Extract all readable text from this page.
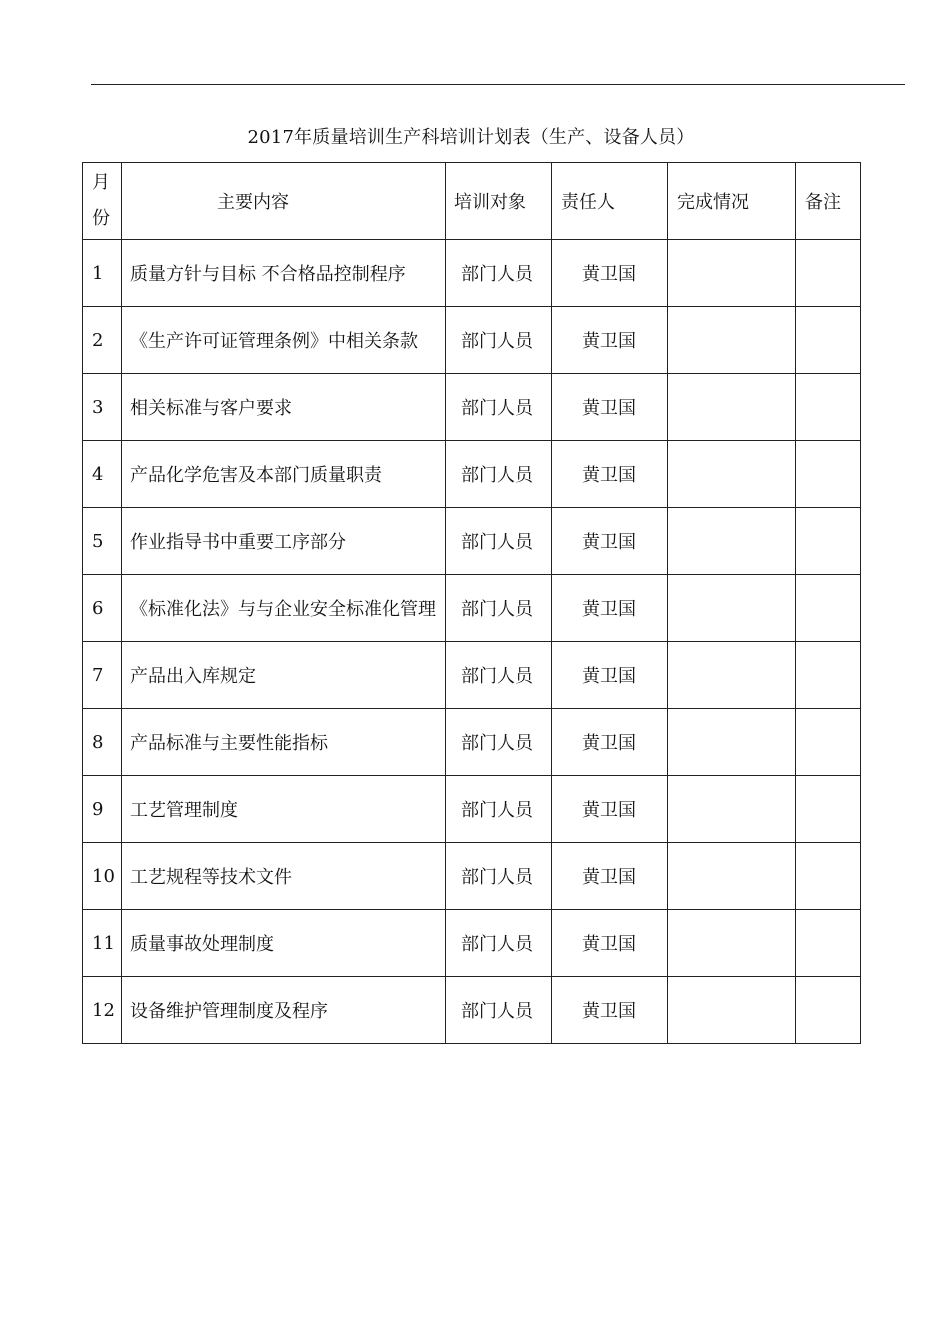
2017年质量培训生产科培训计划表（生产、设备人员）
月
份	主要内容	培训对象	责任人	完成情况	备注
1	质量方针与目标 不合格品控制程序	部门人员	黄卫国		
2	《生产许可证管理条例》中相关条款	部门人员	黄卫国		
3	相关标准与客户要求	部门人员	黄卫国		
4	产品化学危害及本部门质量职责	部门人员	黄卫国		
5	作业指导书中重要工序部分	部门人员	黄卫国		
6	《标准化法》与与企业安全标准化管理	部门人员	黄卫国		
7	产品出入库规定	部门人员	黄卫国		
8	产品标准与主要性能指标	部门人员	黄卫国		
9	工艺管理制度	部门人员	黄卫国		
10	工艺规程等技术文件	部门人员	黄卫国		
11	质量事故处理制度	部门人员	黄卫国		
12	设备维护管理制度及程序	部门人员	黄卫国		
